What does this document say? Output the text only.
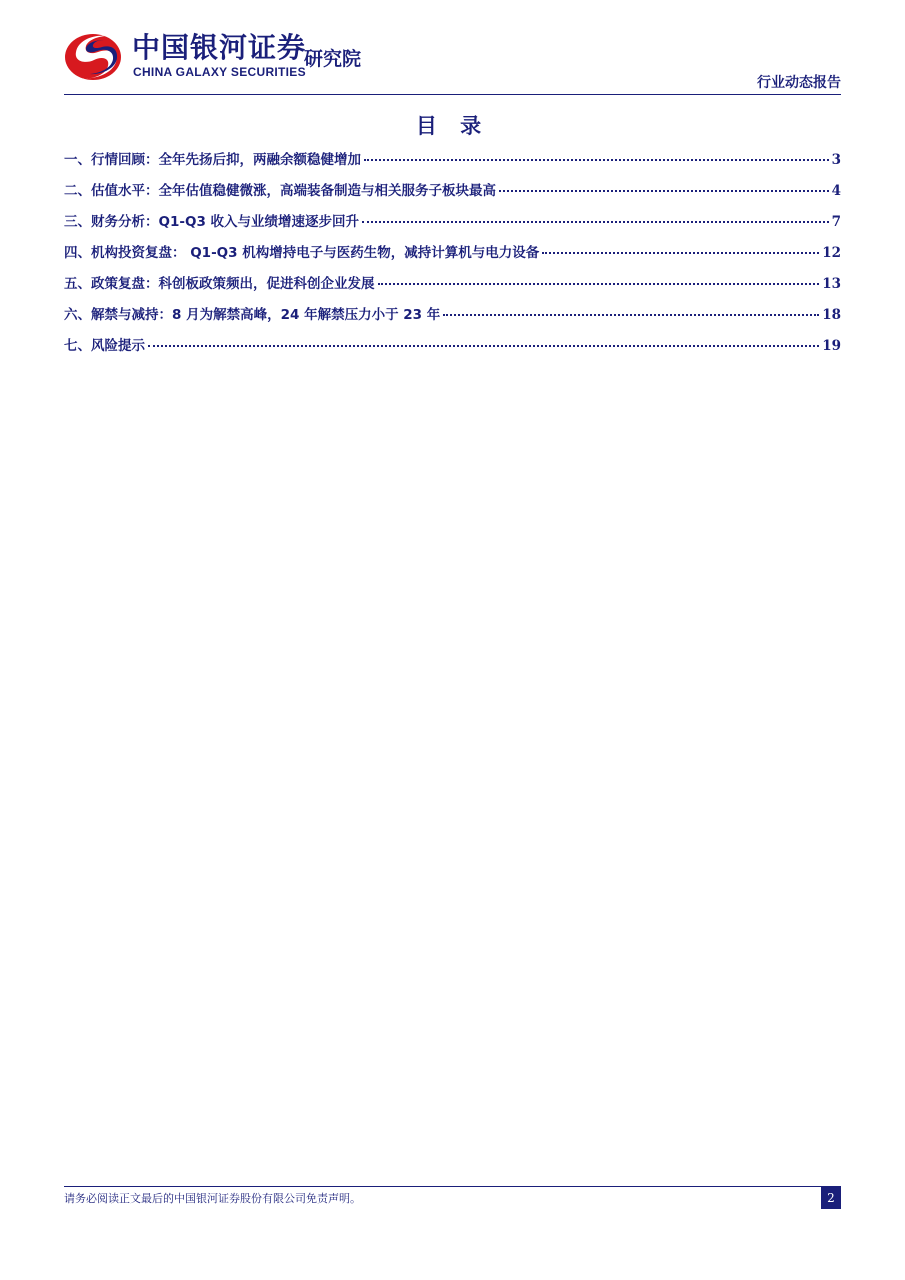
中国银河证券
CHINA GALAXY SECURITIES
研究院
行业动态报告
目 录
一、行情回顾：全年先扬后抑，两融余额稳健增加	3
二、估值水平：全年估值稳健微涨，高端装备制造与相关服务子板块最高	4
三、财务分析：Q1-Q3 收入与业绩增速逐步回升	7
四、机构投资复盘： Q1-Q3 机构增持电子与医药生物，减持计算机与电力设备	12
五、政策复盘：科创板政策频出，促进科创企业发展	13
六、解禁与减持：8 月为解禁高峰，24 年解禁压力小于 23 年	18
七、风险提示	19
请务必阅读正文最后的中国银河证券股份有限公司免责声明。	2
